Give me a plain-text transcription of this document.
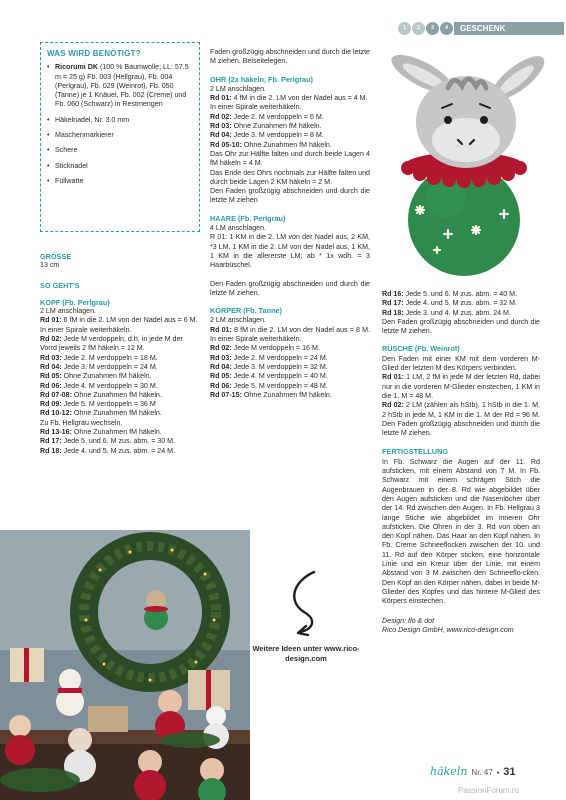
1	2	3	4	GESCHENK
WAS WIRD BENÖTIGT?
• Ricorumi DK (100 % Baumwolle; LL: 57.5 m = 25 g) Fb. 003 (Hellgrau), Fb. 004 (Perlgrau), Fb. 029 (Weinrot), Fb. 050 (Tanne) je 1 Knäuel, Fb. 002 (Creme) und Fb. 060 (Schwarz) in Restmengen
• Häkelnadel, Nr. 3.0 mm
• Maschenmarkierer
• Schere
• Sticknadel
• Füllwatte
GRÖSSE
13 cm
SO GEHT'S
KOPF (Fb. Perlgrau)

2 LM anschlagen.

Rd 01: 6 fM in die 2. LM von der Nadel aus = 6 M. In einer Spirale weiterhäkeln.

Rd 02: Jede M verdoppeln, d.h. in jede M der Vorrd jeweils 2 fM häkeln = 12 M.

Rd 03: Jede 2. M verdoppeln = 18 M.

Rd 04: Jede 3. M verdoppeln = 24 M.

Rd 05: Ohne Zunahmen fM häkeln.

Rd 06: Jede 4. M verdoppeln = 30 M.

Rd 07-08: Ohne Zunahmen fM häkeln.

Rd 09: Jede 5. M verdoppeln = 36 M

Rd 10-12: Ohne Zunahmen fM häkeln.

Zu Fb. Hellgrau wechseln.

Rd 13-16: Ohne Zunahmen fM häkeln.

Rd 17: Jede 5. und 6. M zus. abm. = 30 M.

Rd 18: Jede 4. und 5. M zus. abm. = 24 M.

Faden großzügig abschneiden und durch die letzte M ziehen. Beiseitelegen.

OHR (2x häkeln, Fb. Perlgrau)

2 LM anschlagen.

Rd 01: 4 fM in die 2. LM von der Nadel aus = 4 M.

In einer Spirale weiterhäkeln.

Rd 02: Jede 2. M verdoppeln = 6 M.

Rd 03: Ohne Zunahmen fM häkeln.

Rd 04: Jede 3. M verdoppeln = 8 M.

Rd 05-10: Ohne Zunahmen fM häkeln.

Das Ohr zur Hälfte falten und durch beide Lagen 4 fM häkeln = 4 M.

Das Ende des Ohrs nochmals zur Hälfte falten und durch beide Lagen 2 KM häkeln = 2 M.

Den Faden großzügig abschneiden und durch die letzte M ziehen

HAARE (Fb. Perlgrau)

4 LM anschlagen.

R 01: 1 KM in die 2. LM von der Nadel aus, 2 KM, *3 LM, 1 KM in die 2. LM von der Nadel aus, 1 KM, 1 KM in die allererste LM; ab * 1x wdh. = 3 Haarbüschel.

Den Faden großzügig abschneiden und durch die letzte M ziehen.

KÖRPER (Fb. Tanne)

2 LM anschlagen.

Rd 01: 8 fM in die 2. LM von der Nadel aus = 8 M. In einer Spirale weiterhäkeln.

Rd 02: Jede M verdoppeln = 16 M.

Rd 03: Jede 2. M verdoppeln = 24 M.

Rd 04: Jede 3. M verdoppeln = 32 M.

Rd 05: Jede 4. M verdoppeln = 40 M.

Rd 06: Jede 5. M verdoppeln = 48 M.

Rd 07-15: Ohne Zunahmen fM häkeln.

Rd 16: Jede 5. und 6. M zus. abm. = 40 M.

Rd 17: Jede 4. und 5. M zus. abm. = 32 M.

Rd 18: Jede 3. und 4. M zus. abm. 24 M.

Den Faden großzügig abschneiden und durch die letzte M ziehen.

RÜSCHE (Fb. Weinrot)

Den Faden mit einer KM mit dem vorderen M-Glied der letzten M des Körpers verbinden.

Rd 01: 1 LM, 2 fM in jede M der letzten Rd, dabei nur in die vorderen M-Glieder einstechen, 1 KM in die 1. M = 48 M.

Rd 02: 2 LM (zählen als hStb), 1 hStb in die 1. M, 2 hStb in jede M, 1 KM in die 1. M der Rd = 96 M. Den Faden großzügig abschneiden und durch die letzte M ziehen.

FERTIGSTELLUNG

In Fb. Schwarz die Augen auf der 11. Rd aufsticken, mit einem Abstand von 7 M. In Fb. Schwarz mit einem schrägen Stich die Augenbrauen in der 8. Rd wie abgebildet über den Augen aufsticken und die Nasenlöcher über der 14. Rd zwischen den Augen. In Fb. Hellgrau 3 lange Stiche wie abgebildet im inneren Ohr aufsticken. Die Ohren in der 3. Rd von oben an den Kopf nähen. Das Haar an den Kopf nähen. In Fb. Creme Schneeflocken zwischen der 10. und 11. Rd auf den Körper sticken, eine horizontale Linie und ein Kreuz über der Linie, mit einem Abstand von 3 M zwischen den Schneeflo-cken. Den Kopf an den Körper nähen, dabei in beide M-Glieder des Kopfes und das hintere M-Glied des Körpers einstechen.

Design: flo & dot

Rico Design GmbH, www.rico-design.com

Weitere Ideen unter www.rico-design.com
häkeln Nr. 47 • 31
PassionForum.ru
